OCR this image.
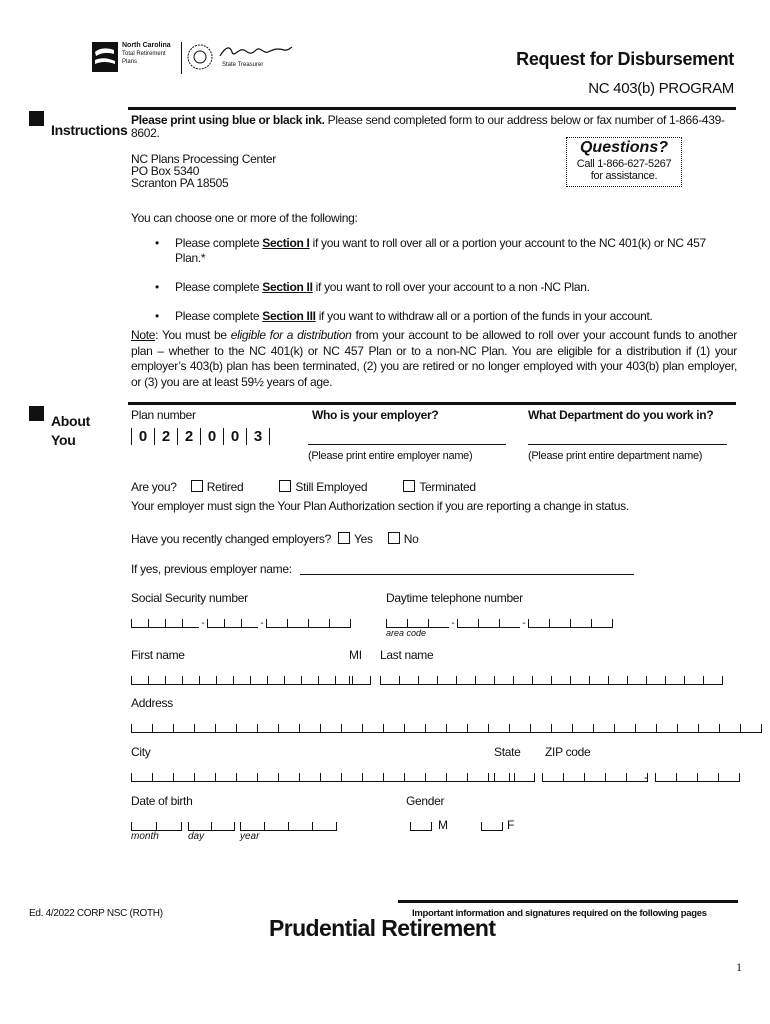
North Carolina
Total Retirement
Plans	State Treasurer	Request for Disbursement
NC 403(b) PROGRAM
Instructions
Please print using blue or black ink. Please send completed form to our address below or fax number of 1-866-439-8602.
NC Plans Processing Center
PO Box 5340
Scranton PA 18505
Questions?
Call 1-866-627-5267
for assistance.
You can choose one or more of the following:
• Please complete Section I if you want to roll over all or a portion your account to the NC 401(k) or NC 457 Plan.*
• Please complete Section II if you want to roll over your account to a non -NC Plan.
• Please complete Section III if you want to withdraw all or a portion of the funds in your account.
Note: You must be eligible for a distribution from your account to be allowed to roll over your account funds to another plan – whether to the NC 401(k) or NC 457 Plan or to a non-NC Plan. You are eligible for a distribution if (1) your employer’s 403(b) plan has been terminated, (2) you are retired or no longer employed with your 403(b) plan employer, or (3) you are at least 59½ years of age.
About
You
Plan number
0 2 2 0 0 3
Who is your employer?
(Please print entire employer name)
What Department do you work in?
(Please print entire department name)
Are you?	Retired	Still Employed	Terminated
Your employer must sign the Your Plan Authorization section if you are reporting a change in status.
Have you recently changed employers? Yes	No
If yes, previous employer name:
Social Security number
-	-
Daytime telephone number
-	-
area code
First name	MI Last name
Address
City	State ZIP code
-
Date of birth
month	day	year
Gender
M	F
Ed. 4/2022 CORP NSC (ROTH)	Important information and signatures required on the following pages
Prudential Retirement
1
